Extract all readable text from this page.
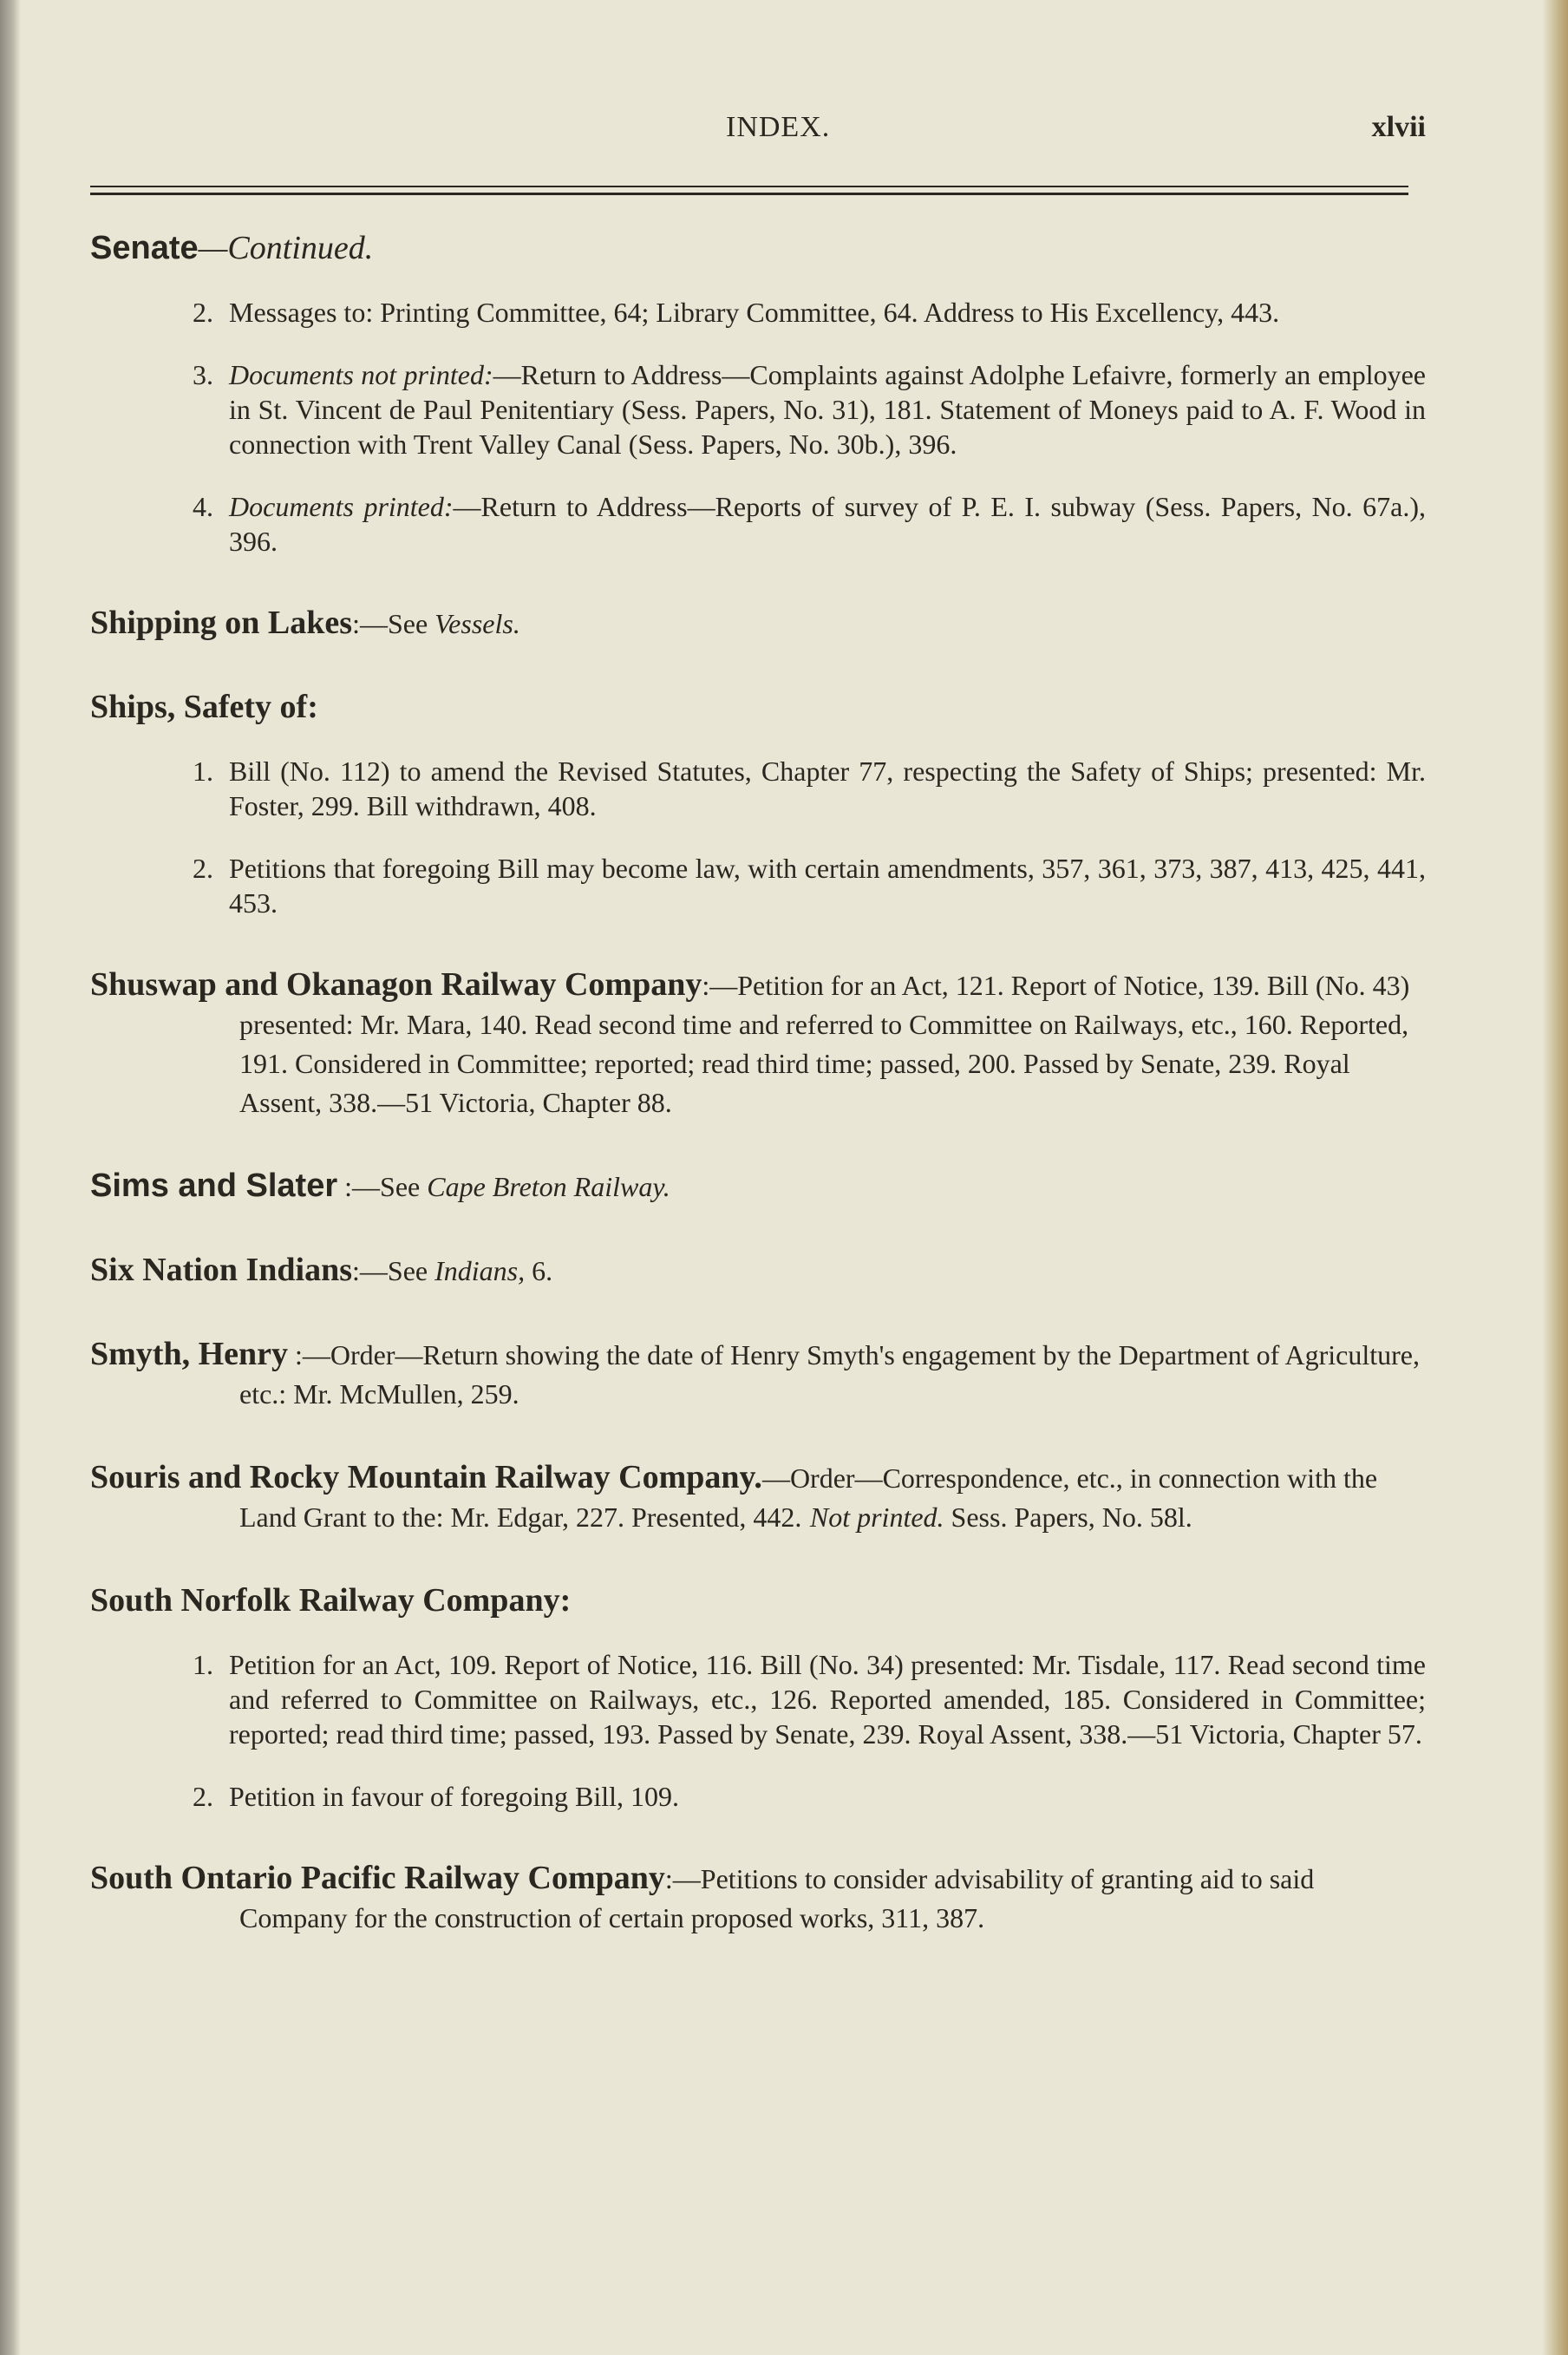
INDEX.	xlvii
Senate—Continued.
2. Messages to: Printing Committee, 64; Library Committee, 64. Address to His Excellency, 443.
3. Documents not printed:—Return to Address—Complaints against Adolphe Lefaivre, formerly an employee in St. Vincent de Paul Penitentiary (Sess. Papers, No. 31), 181. Statement of Moneys paid to A. F. Wood in connection with Trent Valley Canal (Sess. Papers, No. 30b.), 396.
4. Documents printed:—Return to Address—Reports of survey of P. E. I. subway (Sess. Papers, No. 67a.), 396.
Shipping on Lakes:—See Vessels.
Ships, Safety of:
1. Bill (No. 112) to amend the Revised Statutes, Chapter 77, respecting the Safety of Ships; presented: Mr. Foster, 299. Bill withdrawn, 408.
2. Petitions that foregoing Bill may become law, with certain amendments, 357, 361, 373, 387, 413, 425, 441, 453.
Shuswap and Okanagon Railway Company:—Petition for an Act, 121. Report of Notice, 139. Bill (No. 43) presented: Mr. Mara, 140. Read second time and referred to Committee on Railways, etc., 160. Reported, 191. Considered in Committee; reported; read third time; passed, 200. Passed by Senate, 239. Royal Assent, 338.—51 Victoria, Chapter 88.
Sims and Slater :—See Cape Breton Railway.
Six Nation Indians:—See Indians, 6.
Smyth, Henry :—Order—Return showing the date of Henry Smyth's engagement by the Department of Agriculture, etc.: Mr. McMullen, 259.
Souris and Rocky Mountain Railway Company.—Order—Correspondence, etc., in connection with the Land Grant to the: Mr. Edgar, 227. Presented, 442. Not printed. Sess. Papers, No. 58l.
South Norfolk Railway Company:
1. Petition for an Act, 109. Report of Notice, 116. Bill (No. 34) presented: Mr. Tisdale, 117. Read second time and referred to Committee on Railways, etc., 126. Reported amended, 185. Considered in Committee; reported; read third time; passed, 193. Passed by Senate, 239. Royal Assent, 338.—51 Victoria, Chapter 57.
2. Petition in favour of foregoing Bill, 109.
South Ontario Pacific Railway Company:—Petitions to consider advisability of granting aid to said Company for the construction of certain proposed works, 311, 387.
